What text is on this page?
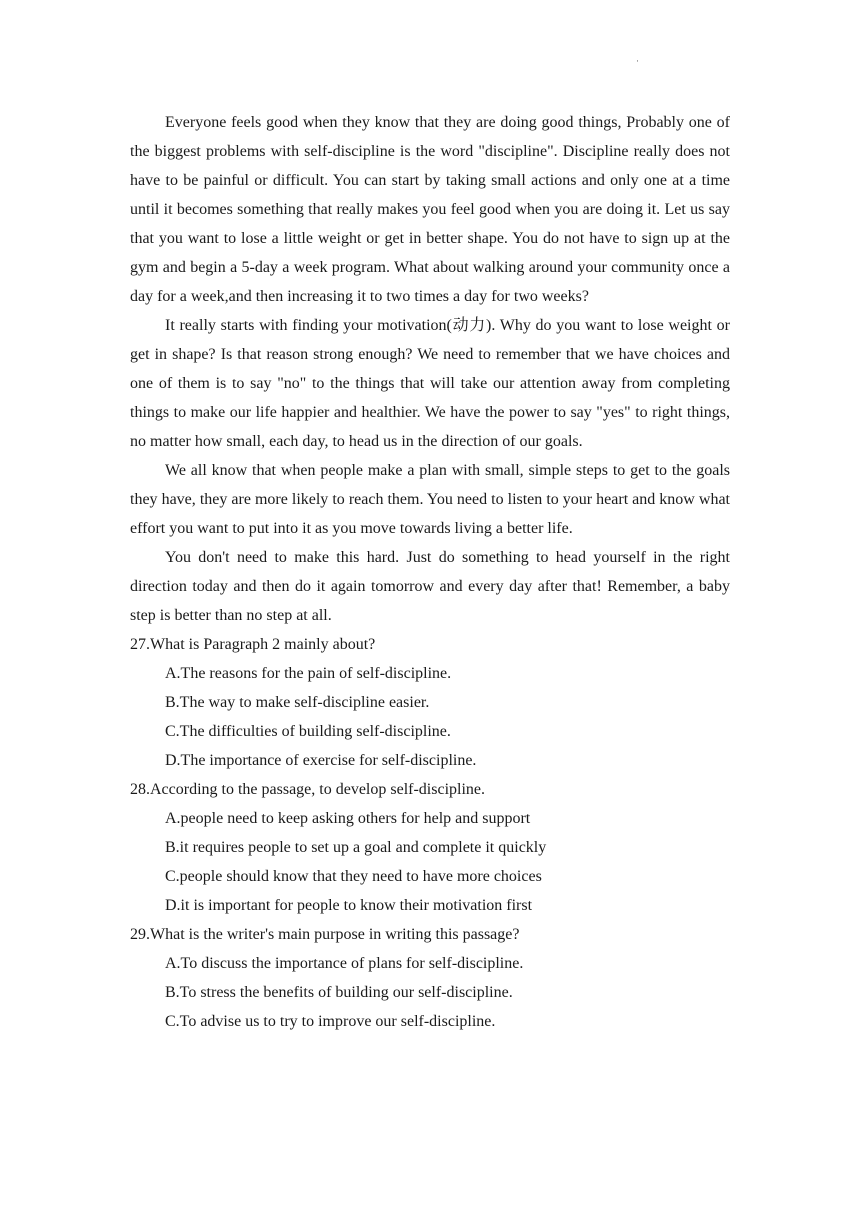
·

Everyone feels good when they know that they are doing good things, Probably one of the biggest problems with self-discipline is the word "discipline". Discipline really does not have to be painful or difficult. You can start by taking small actions and only one at a time until it becomes something that really makes you feel good when you are doing it. Let us say that you want to lose a little weight or get in better shape. You do not have to sign up at the gym and begin a 5-day a week program. What about walking around your community once a day for a week,and then increasing it to two times a day for two weeks?

It really starts with finding your motivation(动力). Why do you want to lose weight or get in shape? Is that reason strong enough? We need to remember that we have choices and one of them is to say "no" to the things that will take our attention away from completing things to make our life happier and healthier. We have the power to say "yes" to right things, no matter how small, each day, to head us in the direction of our goals.

We all know that when people make a plan with small, simple steps to get to the goals they have, they are more likely to reach them. You need to listen to your heart and know what effort you want to put into it as you move towards living a better life.

You don't need to make this hard. Just do something to head yourself in the right direction today and then do it again tomorrow and every day after that! Remember, a baby step is better than no step at all.

27.What is Paragraph 2 mainly about?

A.The reasons for the pain of self-discipline.

B.The way to make self-discipline easier.

C.The difficulties of building self-discipline.

D.The importance of exercise for self-discipline.

28.According to the passage, to develop self-discipline.

A.people need to keep asking others for help and support

B.it requires people to set up a goal and complete it quickly

C.people should know that they need to have more choices

D.it is important for people to know their motivation first

29.What is the writer's main purpose in writing this passage?

A.To discuss the importance of plans for self-discipline.

B.To stress the benefits of building our self-discipline.

C.To advise us to try to improve our self-discipline.
